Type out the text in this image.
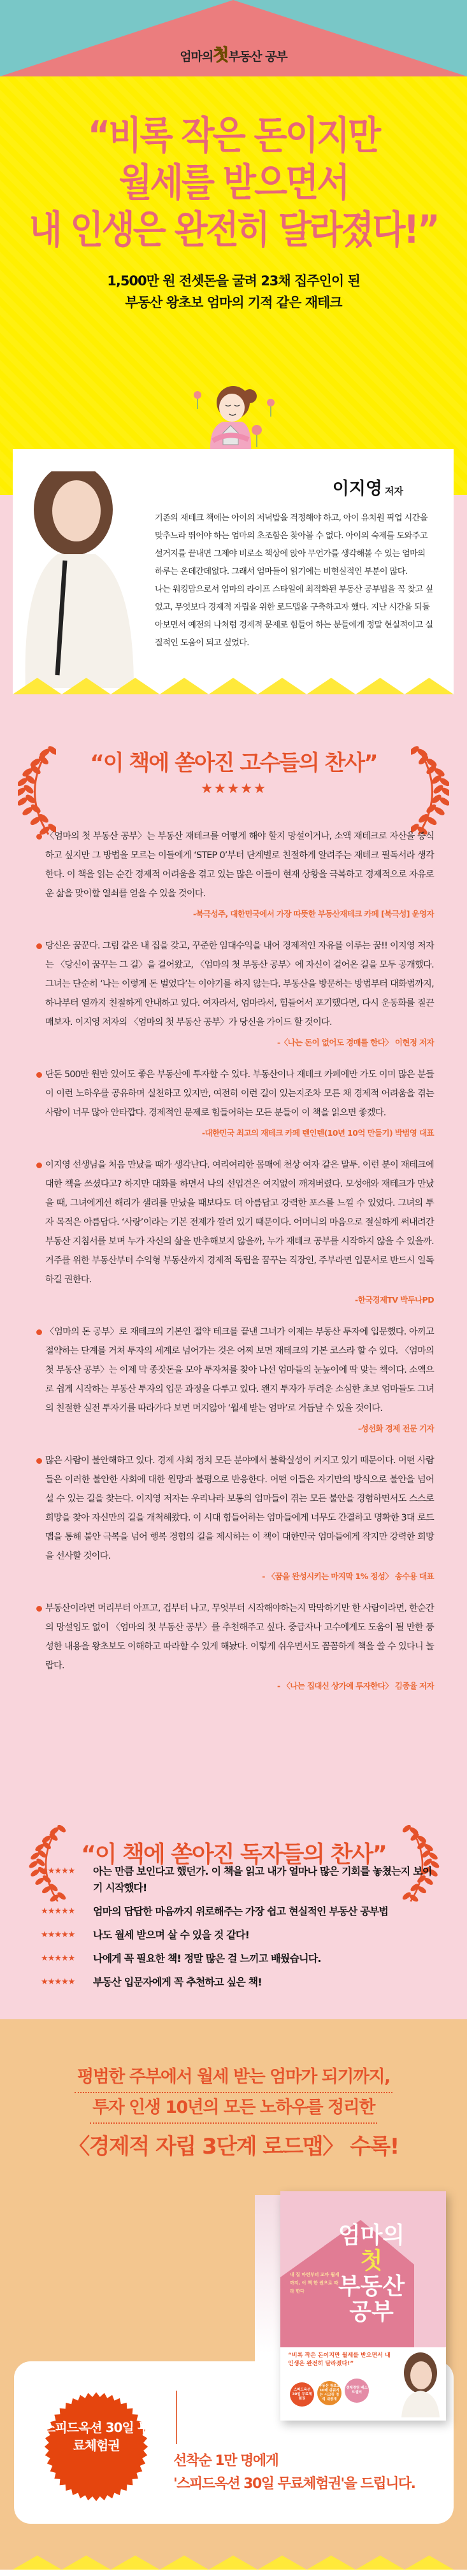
엄마의첫부동산 공부
“비록 작은 돈이지만
월세를 받으면서
내 인생은 완전히 달라졌다!”
1,500만 원 전셋돈을 굴려 23채 집주인이 된
부동산 왕초보 엄마의 기적 같은 재테크
이지영 저자

기존의 재테크 책에는 아이의 저녁밥을 걱정해야 하고, 아이 유치원 픽업 시간을 맞추느라 뛰어야 하는 엄마의 초조함은 찾아볼 수 없다. 아이의 숙제를 도와주고 설거지를 끝내면 그제야 비로소 책상에 앉아 무언가를 생각해볼 수 있는 엄마의 하루는 온데간데없다. 그래서 엄마들이 읽기에는 비현실적인 부분이 많다.

나는 워킹맘으로서 엄마의 라이프 스타일에 최적화된 부동산 공부법을 꼭 찾고 싶었고, 무엇보다 경제적 자립을 위한 로드맵을 구축하고자 했다. 지난 시간을 되돌아보면서 예전의 나처럼 경제적 문제로 힘들어 하는 분들에게 정말 현실적이고 실질적인 도움이 되고 싶었다.

“이 책에 쏟아진 고수들의 찬사”
★★★★★
〈엄마의 첫 부동산 공부〉는 부동산 재테크를 어떻게 해야 할지 망설이거나, 소액 재테크로 자산을 증식하고 싶지만 그 방법을 모르는 이들에게 ‘STEP 0’부터 단계별로 친절하게 알려주는 재테크 필독서라 생각한다. 이 책을 읽는 순간 경제적 어려움을 겪고 있는 많은 이들이 현재 상황을 극복하고 경제적으로 자유로운 삶을 맞이할 열쇠를 얻을 수 있을 것이다.
-북극성주, 대한민국에서 가장 따뜻한 부동산재테크 카페 [북극성] 운영자
당신은 꿈꾼다. 그림 같은 내 집을 갖고, 꾸준한 임대수익을 내어 경제적인 자유를 이루는 꿈!! 이지영 저자는 〈당신이 꿈꾸는 그 길〉을 걸어왔고, 〈엄마의 첫 부동산 공부〉에 자신이 걸어온 길을 모두 공개했다. 그녀는 단순히 ‘나는 이렇게 돈 벌었다’는 이야기를 하지 않는다. 부동산을 방문하는 방법부터 대화법까지, 하나부터 열까지 친절하게 안내하고 있다. 여자라서, 엄마라서, 힘들어서 포기했다면, 다시 운동화를 질끈 매보자. 이지영 저자의 〈엄마의 첫 부동산 공부〉가 당신을 가이드 할 것이다.
-〈나는 돈이 없어도 경매를 한다〉 이현정 저자
단돈 500만 원만 있어도 좋은 부동산에 투자할 수 있다. 부동산이나 재테크 카페에만 가도 이미 많은 분들이 이런 노하우를 공유하며 실천하고 있지만, 여전히 이런 길이 있는지조차 모른 채 경제적 어려움을 겪는 사람이 너무 많아 안타깝다. 경제적인 문제로 힘들어하는 모든 분들이 이 책을 읽으면 좋겠다.
-대한민국 최고의 재테크 카페 텐인텐(10년 10억 만들기) 박범영 대표
이지영 선생님을 처음 만났을 때가 생각난다. 여리여리한 몸매에 천상 여자 같은 말투. 이런 분이 재테크에 대한 책을 쓰셨다고? 하지만 대화를 하면서 나의 선입견은 여지없이 깨져버렸다. 모성애와 재테크가 만났을 때, 그녀에게선 해리가 샐리를 만났을 때보다도 더 아름답고 강력한 포스를 느낄 수 있었다. 그녀의 투자 목적은 아름답다. ‘사랑’이라는 기본 전제가 깔려 있기 때문이다. 어머니의 마음으로 절실하게 써내려간 부동산 지침서를 보며 누가 자신의 삶을 반추해보지 않을까, 누가 재테크 공부를 시작하지 않을 수 있을까. 거주를 위한 부동산부터 수익형 부동산까지 경제적 독립을 꿈꾸는 직장인, 주부라면 입문서로 반드시 일독하길 권한다.
-한국경제TV 박두나PD
〈엄마의 돈 공부〉로 재테크의 기본인 절약 테크를 끝낸 그녀가 이제는 부동산 투자에 입문했다. 아끼고 절약하는 단계를 거쳐 투자의 세계로 넘어가는 것은 어찌 보면 재테크의 기본 코스라 할 수 있다. 〈엄마의 첫 부동산 공부〉는 이제 막 종잣돈을 모아 투자처를 찾아 나선 엄마들의 눈높이에 딱 맞는 책이다. 소액으로 쉽게 시작하는 부동산 투자의 입문 과정을 다루고 있다. 왠지 투자가 두려운 소심한 초보 엄마들도 그녀의 친절한 실전 투자기를 따라가다 보면 머지않아 ‘월세 받는 엄마’로 거듭날 수 있을 것이다.
-성선화 경제 전문 기자
많은 사람이 불안해하고 있다. 경제 사회 정치 모든 분야에서 불확실성이 커지고 있기 때문이다. 어떤 사람들은 이러한 불안한 사회에 대한 원망과 불평으로 반응한다. 어떤 이들은 자기만의 방식으로 불안을 넘어설 수 있는 길을 찾는다. 이지영 저자는 우리나라 보통의 엄마들이 겪는 모든 불안을 경험하면서도 스스로 희망을 찾아 자신만의 길을 개척해왔다. 이 시대 힘들어하는 엄마들에게 너무도 간결하고 명확한 3대 로드맵을 통해 불안 극복을 넘어 행복 경험의 길을 제시하는 이 책이 대한민국 엄마들에게 작지만 강력한 희망을 선사할 것이다.
- 〈꿈을 완성시키는 마지막 1% 정성〉 송수용 대표
부동산이라면 머리부터 아프고, 겁부터 나고, 무엇부터 시작해야하는지 막막하기만 한 사람이라면, 한순간의 망설임도 없이 〈엄마의 첫 부동산 공부〉를 추천해주고 싶다. 중급자나 고수에게도 도움이 될 만한 풍성한 내용을 왕초보도 이해하고 따라할 수 있게 해놨다. 이렇게 쉬우면서도 꼼꼼하게 책을 쓸 수 있다니 놀랍다.
- 〈나는 집대신 상가에 투자한다〉 김종율 저자
“이 책에 쏟아진 독자들의 찬사”
★★★★★	아는 만큼 보인다고 했던가. 이 책을 읽고 내가 얼마나 많은 기회를 놓쳤는지 보이기 시작했다!
★★★★★	엄마의 답답한 마음까지 위로해주는 가장 쉽고 현실적인 부동산 공부법
★★★★★	나도 월세 받으며 살 수 있을 것 같다!
★★★★★	나에게 꼭 필요한 책! 정말 많은 걸 느끼고 배웠습니다.
★★★★★	부동산 입문자에게 꼭 추천하고 싶은 책!
평범한 주부에서 월세 받는 엄마가 되기까지,
투자 인생 10년의 모든 노하우를 정리한
〈경제적 자립 3단계 로드맵〉 수록!
엄마의
첫
부동산 공부
내 집 마련부터 꼬마 월세까지, 이 책 한 권으로 따라 한다
“비록 작은 돈이지만 월세를 받으면서 내 인생은 완전히 달라졌다!”
스피드옥션 30일 무료체험권
부동산 왕초보 10배 쉬워지는 시크릿 정석 대공개
경제경영 베스트셀러
스피드옥션 30일 무료체험권
선착순 1만 명에게
'스피드옥션 30일 무료체험권'을 드립니다.
